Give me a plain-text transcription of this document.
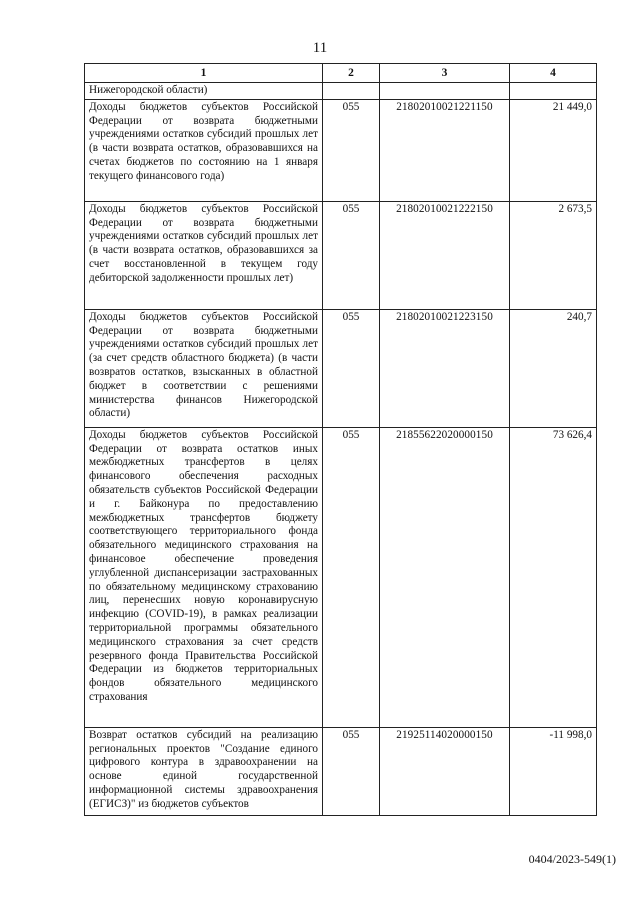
11
1	2	3	4
Нижегородской области)			
Доходы бюджетов субъектов Российской Федерации от возврата бюджетными учреждениями остатков субсидий прошлых лет (в части возврата остатков, образовавшихся на счетах бюджетов по состоянию на 1 января текущего финансового года)	055	21802010021221150	21 449,0
Доходы бюджетов субъектов Российской Федерации от возврата бюджетными учреждениями остатков субсидий прошлых лет (в части возврата остатков, образовавшихся за счет восстановленной в текущем году дебиторской задолженности прошлых лет)	055	21802010021222150	2 673,5
Доходы бюджетов субъектов Российской Федерации от возврата бюджетными учреждениями остатков субсидий прошлых лет (за счет средств областного бюджета) (в части возвратов остатков, взысканных в областной бюджет в соответствии с решениями министерства финансов Нижегородской области)	055	21802010021223150	240,7
Доходы бюджетов субъектов Российской Федерации от возврата остатков иных межбюджетных трансфертов в целях финансового обеспечения расходных обязательств субъектов Российской Федерации и г. Байконура по предоставлению межбюджетных трансфертов бюджету соответствующего территориального фонда обязательного медицинского страхования на финансовое обеспечение проведения углубленной диспансеризации застрахованных по обязательному медицинскому страхованию лиц, перенесших новую коронавирусную инфекцию (COVID-19), в рамках реализации территориальной программы обязательного медицинского страхования за счет средств резервного фонда Правительства Российской Федерации из бюджетов территориальных фондов обязательного медицинского страхования	055	21855622020000150	73 626,4
Возврат остатков субсидий на реализацию региональных проектов "Создание единого цифрового контура в здравоохранении на основе единой государственной информационной системы здравоохранения (ЕГИСЗ)" из бюджетов субъектов	055	21925114020000150	-11 998,0
0404/2023-549(1)
